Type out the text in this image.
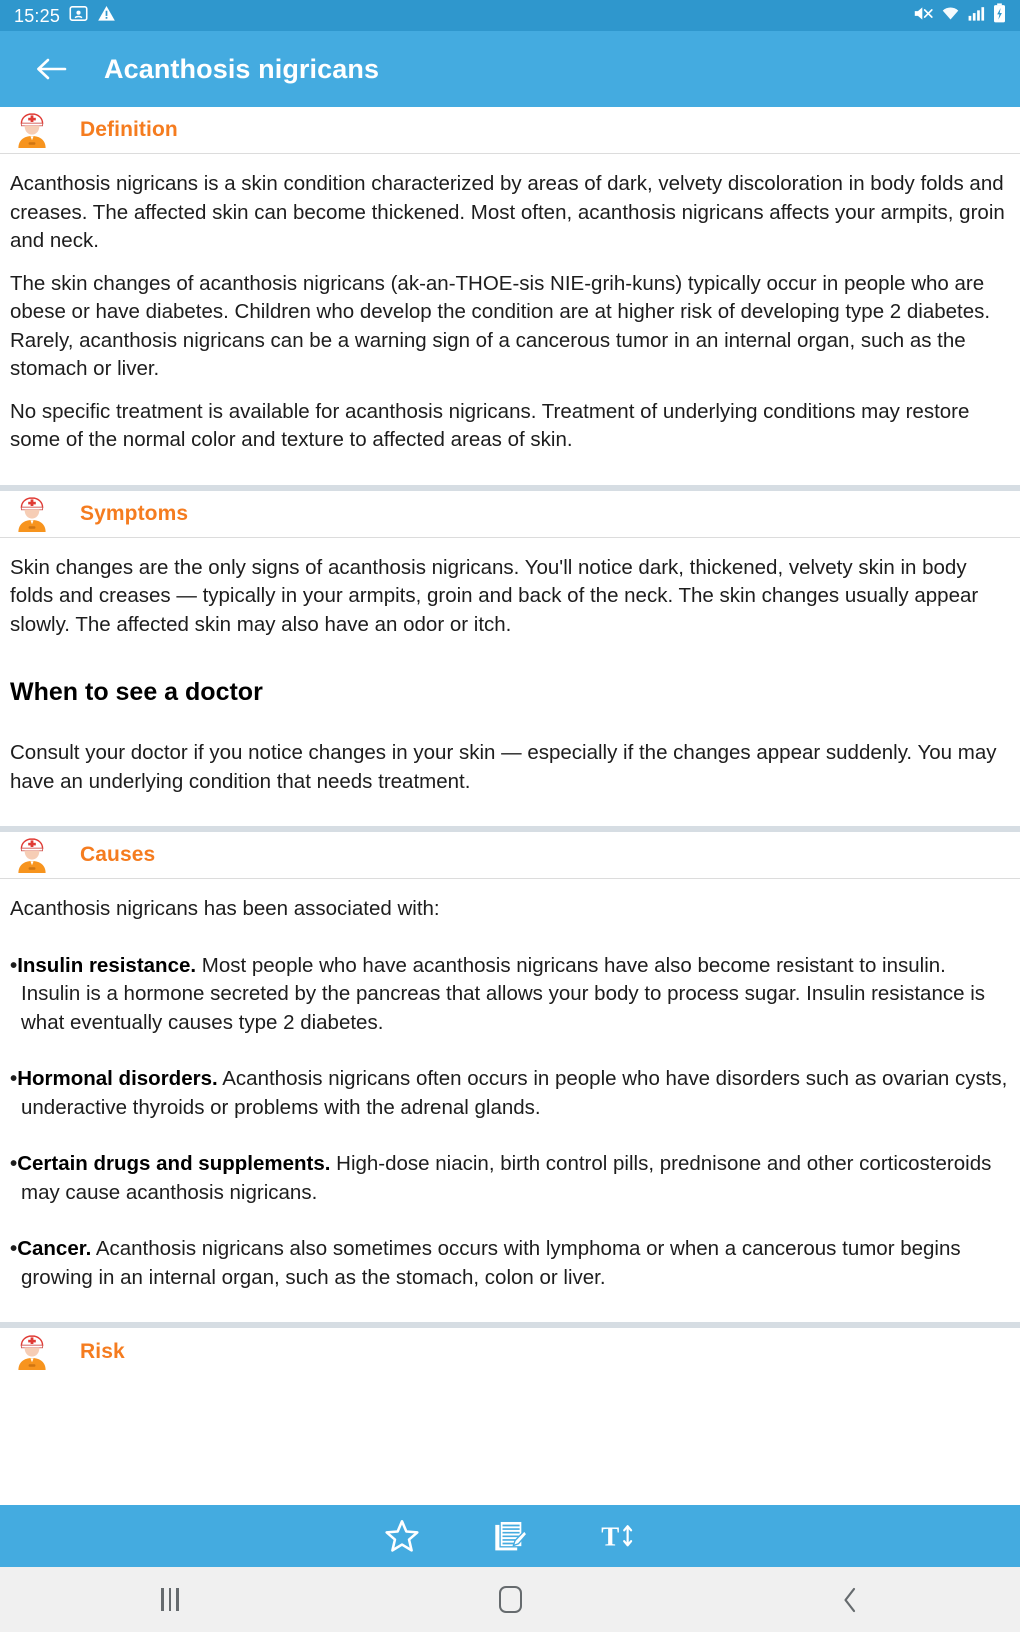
15:25
Acanthosis nigricans
Definition

Acanthosis nigricans is a skin condition characterized by areas of dark, velvety discoloration in body folds and creases. The affected skin can become thickened. Most often, acanthosis nigricans affects your armpits, groin and neck.

The skin changes of acanthosis nigricans (ak-an-THOE-sis NIE-grih-kuns) typically occur in people who are obese or have diabetes. Children who develop the condition are at higher risk of developing type 2 diabetes. Rarely, acanthosis nigricans can be a warning sign of a cancerous tumor in an internal organ, such as the stomach or liver.

No specific treatment is available for acanthosis nigricans. Treatment of underlying conditions may restore some of the normal color and texture to affected areas of skin.

Symptoms

Skin changes are the only signs of acanthosis nigricans. You'll notice dark, thickened, velvety skin in body folds and creases — typically in your armpits, groin and back of the neck. The skin changes usually appear slowly. The affected skin may also have an odor or itch.

When to see a doctor

Consult your doctor if you notice changes in your skin — especially if the changes appear suddenly. You may have an underlying condition that needs treatment.

Causes

Acanthosis nigricans has been associated with:

•Insulin resistance. Most people who have acanthosis nigricans have also become resistant to insulin. Insulin is a hormone secreted by the pancreas that allows your body to process sugar. Insulin resistance is what eventually causes type 2 diabetes.
•Hormonal disorders. Acanthosis nigricans often occurs in people who have disorders such as ovarian cysts, underactive thyroids or problems with the adrenal glands.
•Certain drugs and supplements. High-dose niacin, birth control pills, prednisone and other corticosteroids may cause acanthosis nigricans.
•Cancer. Acanthosis nigricans also sometimes occurs with lymphoma or when a cancerous tumor begins growing in an internal organ, such as the stomach, colon or liver.
Risk
T
